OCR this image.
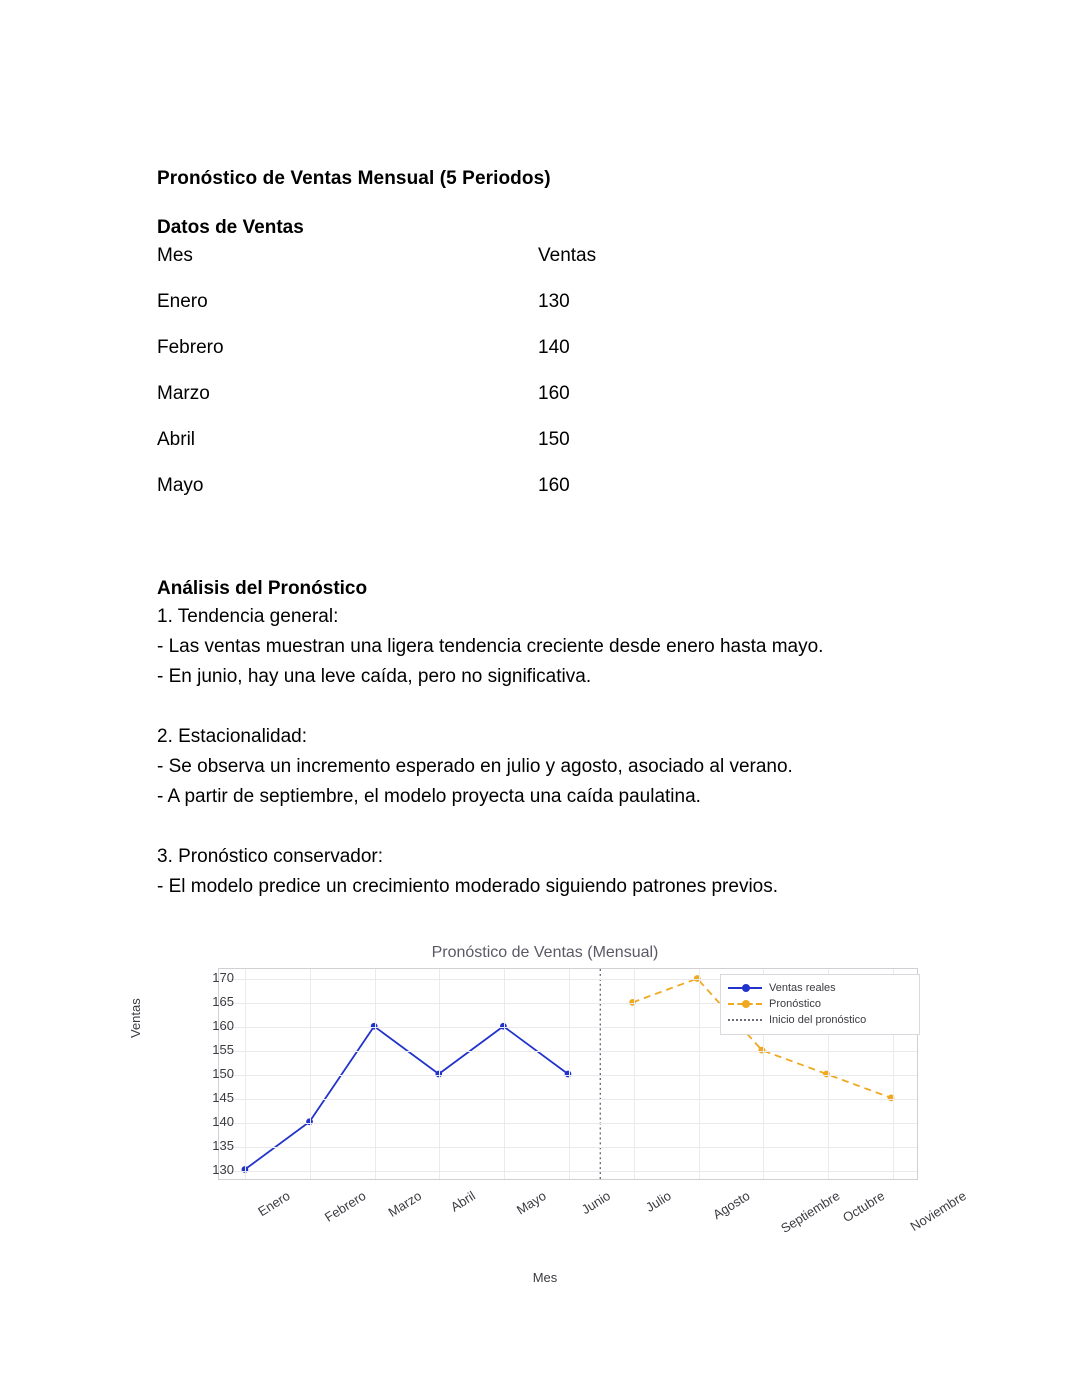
Pronóstico de Ventas Mensual (5 Periodos)
Datos de Ventas
Mes	Ventas
Enero	130
Febrero	140
Marzo	160
Abril	150
Mayo	160
Análisis del Pronóstico

1. Tendencia general:

- Las ventas muestran una ligera tendencia creciente desde enero hasta mayo.

- En junio, hay una leve caída, pero no significativa.

2. Estacionalidad:

- Se observa un incremento esperado en julio y agosto, asociado al verano.

- A partir de septiembre, el modelo proyecta una caída paulatina.

3. Pronóstico conservador:

- El modelo predice un crecimiento moderado siguiendo patrones previos.

Pronóstico de Ventas (Mensual)
Ventas
130
135
140
145
150
155
160
165
170
Enero Febrero Marzo Abril	Mayo Junio Julio	Agosto Septiembre
Octubre Noviembre
Mes
Ventas reales
Pronóstico
Inicio del pronóstico
